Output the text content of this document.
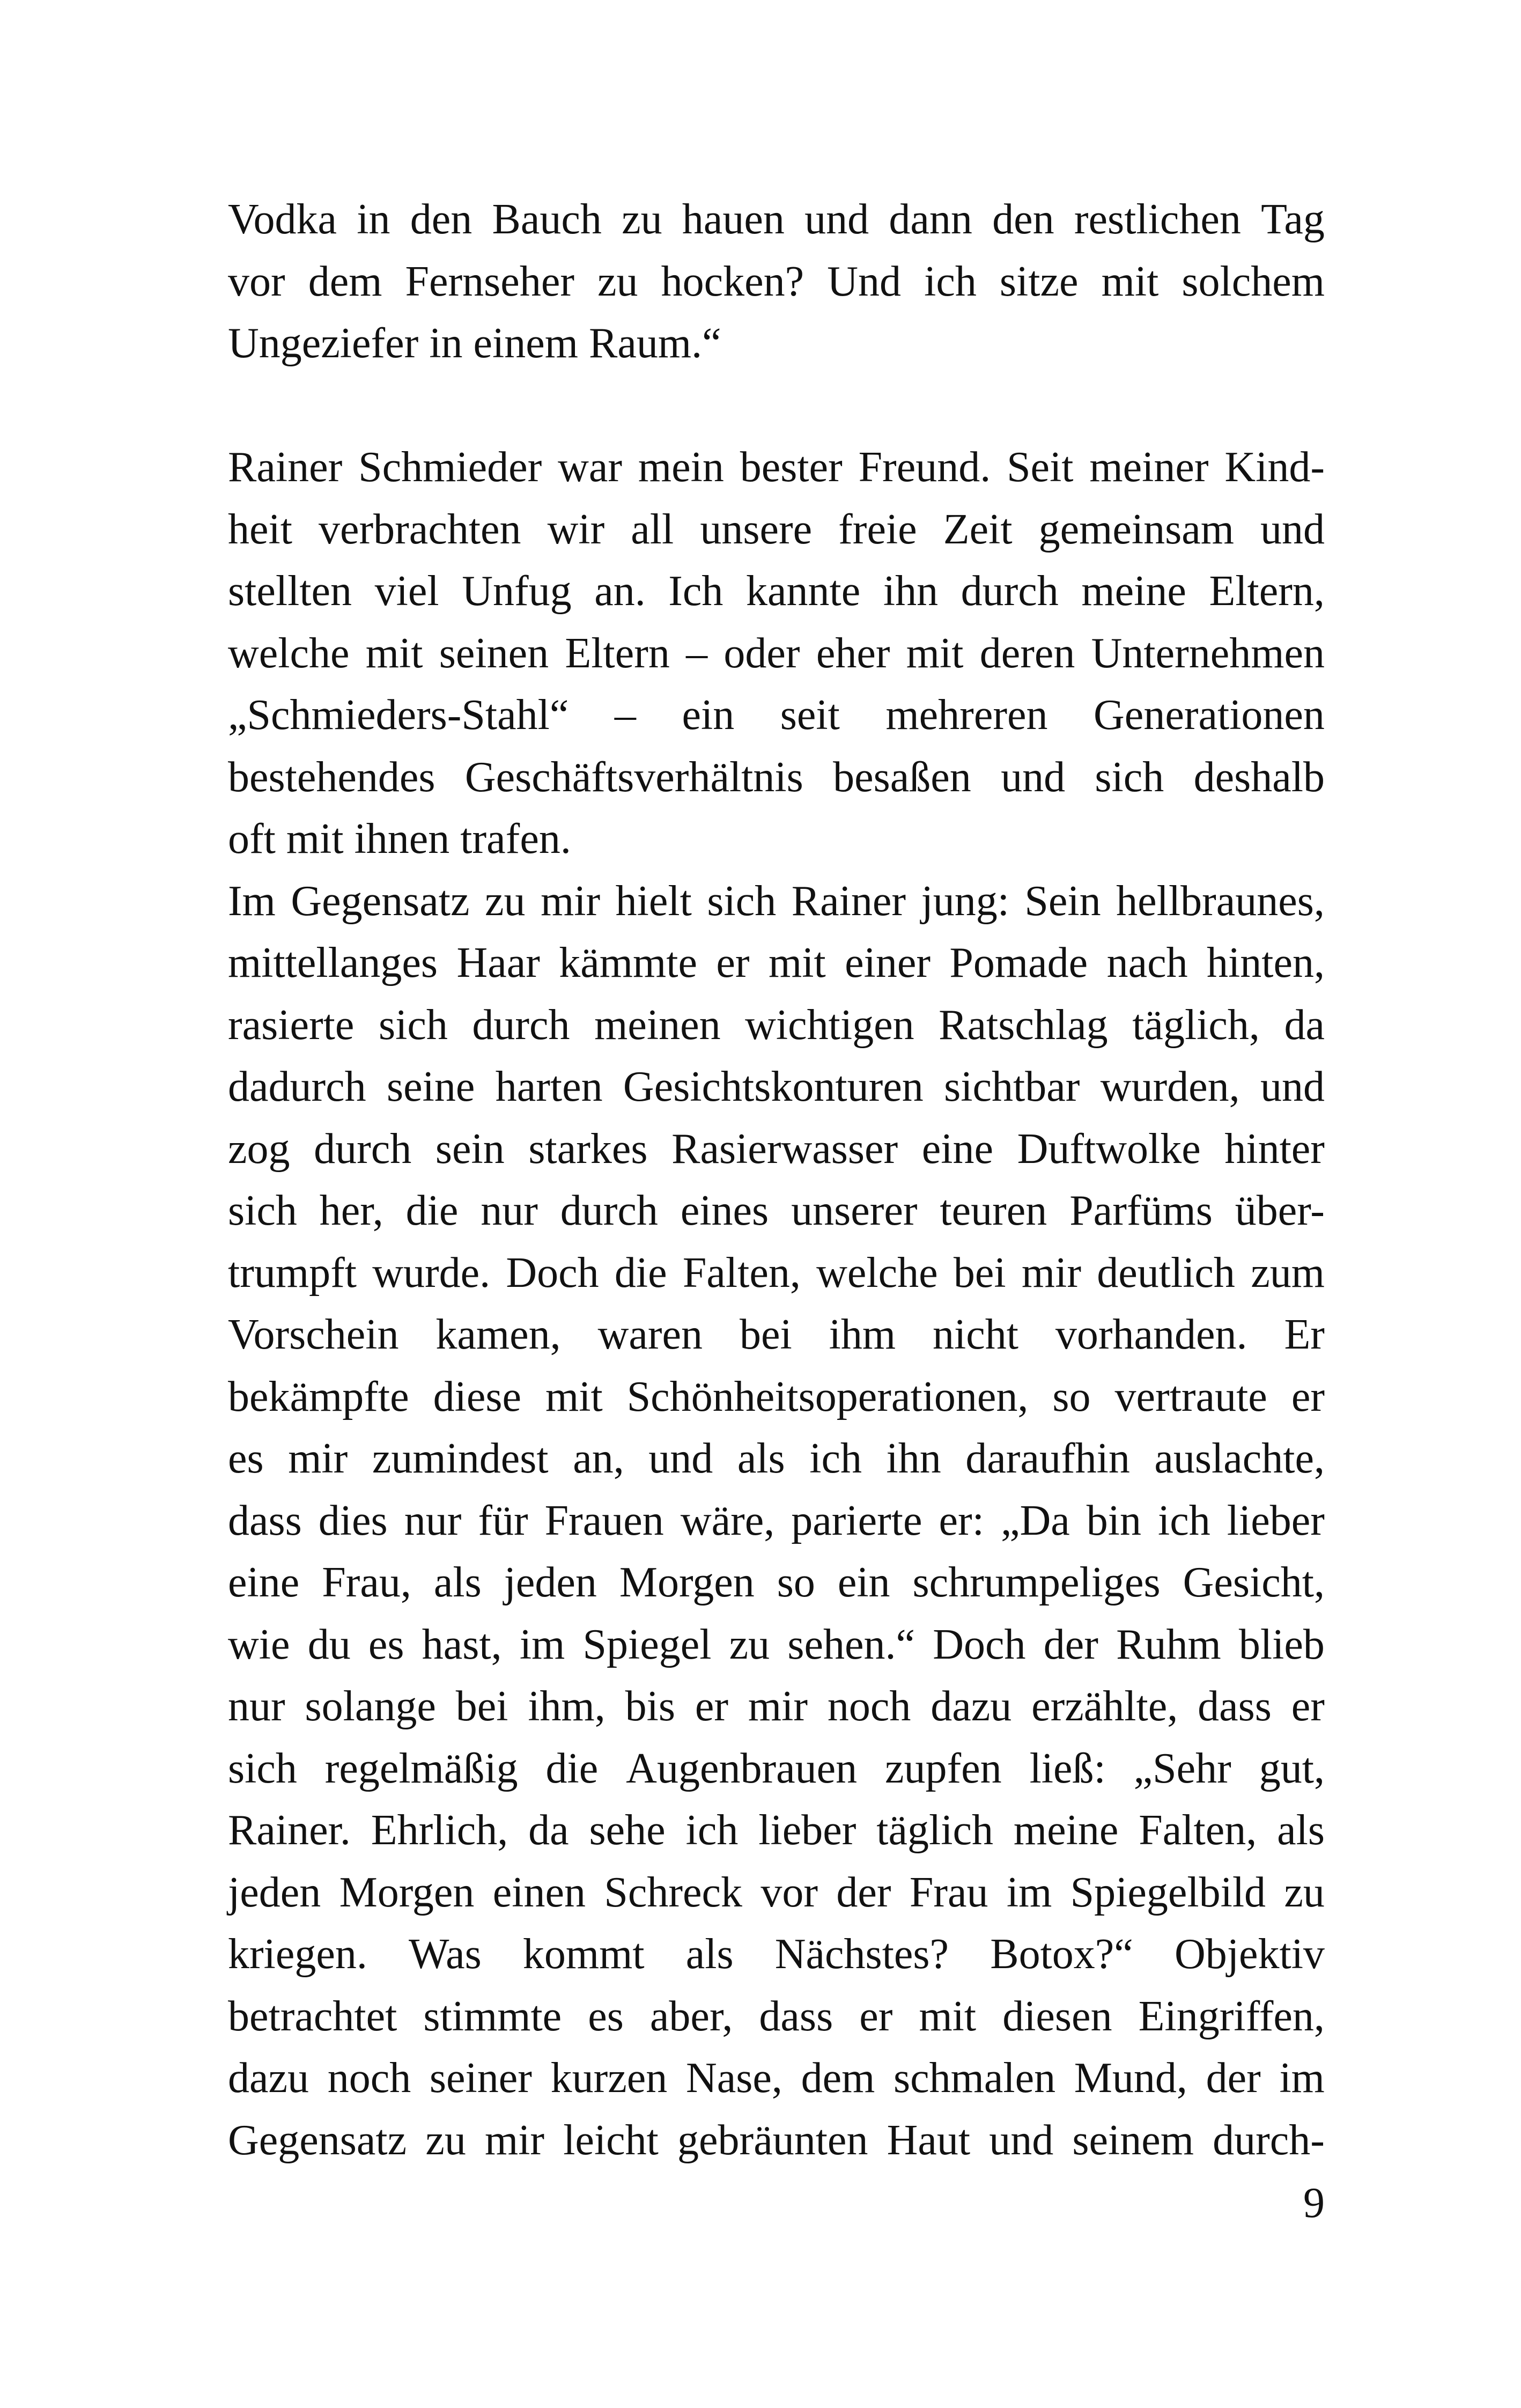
Vodka in den Bauch zu hauen und dann den restlichen Tag
vor dem Fernseher zu hocken? Und ich sitze mit solchem
Ungeziefer in einem Raum.“
Rainer Schmieder war mein bester Freund. Seit meiner Kind-
heit verbrachten wir all unsere freie Zeit gemeinsam und
stellten viel Unfug an. Ich kannte ihn durch meine Eltern,
welche mit seinen Eltern – oder eher mit deren Unternehmen
„Schmieders-Stahl“ – ein seit mehreren Generationen
bestehendes Geschäftsverhältnis besaßen und sich deshalb
oft mit ihnen trafen.
Im Gegensatz zu mir hielt sich Rainer jung: Sein hellbraunes,
mittellanges Haar kämmte er mit einer Pomade nach hinten,
rasierte sich durch meinen wichtigen Ratschlag täglich, da
dadurch seine harten Gesichtskonturen sichtbar wurden, und
zog durch sein starkes Rasierwasser eine Duftwolke hinter
sich her, die nur durch eines unserer teuren Parfüms über-
trumpft wurde. Doch die Falten, welche bei mir deutlich zum
Vorschein kamen, waren bei ihm nicht vorhanden. Er
bekämpfte diese mit Schönheitsoperationen, so vertraute er
es mir zumindest an, und als ich ihn daraufhin auslachte,
dass dies nur für Frauen wäre, parierte er: „Da bin ich lieber
eine Frau, als jeden Morgen so ein schrumpeliges Gesicht,
wie du es hast, im Spiegel zu sehen.“ Doch der Ruhm blieb
nur solange bei ihm, bis er mir noch dazu erzählte, dass er
sich regelmäßig die Augenbrauen zupfen ließ: „Sehr gut,
Rainer. Ehrlich, da sehe ich lieber täglich meine Falten, als
jeden Morgen einen Schreck vor der Frau im Spiegelbild zu
kriegen. Was kommt als Nächstes? Botox?“ Objektiv
betrachtet stimmte es aber, dass er mit diesen Eingriffen,
dazu noch seiner kurzen Nase, dem schmalen Mund, der im
Gegensatz zu mir leicht gebräunten Haut und seinem durch-
9
